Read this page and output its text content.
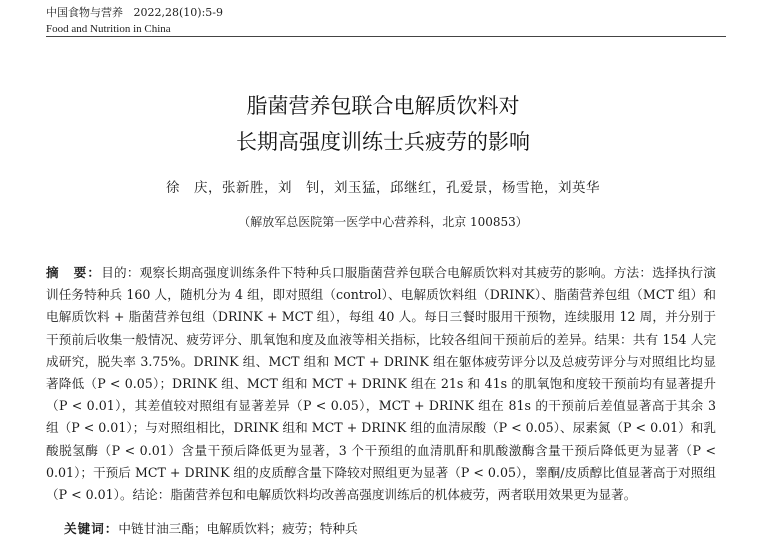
中国食物与营养 2022,28(10):5-9
Food and Nutrition in China
脂菌营养包联合电解质饮料对
长期高强度训练士兵疲劳的影响
徐　庆，张新胜，刘　钊，刘玉猛，邱继红，孔爱景，杨雪艳，刘英华
（解放军总医院第一医学中心营养科，北京 100853）

摘　要：目的：观察长期高强度训练条件下特种兵口服脂菌营养包联合电解质饮料对其疲劳的影响。方法：选择执行演训任务特种兵 160 人，随机分为 4 组，即对照组（control）、电解质饮料组（DRINK）、脂菌营养包组（MCT 组）和电解质饮料 + 脂菌营养包组（DRINK + MCT 组），每组 40 人。每日三餐时服用干预物，连续服用 12 周，并分别于干预前后收集一般情况、疲劳评分、肌氧饱和度及血液等相关指标，比较各组间干预前后的差异。结果：共有 154 人完成研究，脱失率 3.75%。DRINK 组、MCT 组和 MCT + DRINK 组在躯体疲劳评分以及总疲劳评分与对照组比均显著降低（P < 0.05）；DRINK 组、MCT 组和 MCT + DRINK 组在 21s 和 41s 的肌氧饱和度较干预前均有显著提升（P < 0.01），其差值较对照组有显著差异（P < 0.05），MCT + DRINK 组在 81s 的干预前后差值显著高于其余 3 组（P < 0.01）；与对照组相比，DRINK 组和 MCT + DRINK 组的血清尿酸（P < 0.05）、尿素氮（P < 0.01）和乳酸脱氢酶（P < 0.01）含量干预后降低更为显著，3 个干预组的血清肌酐和肌酸激酶含量干预后降低更为显著（P < 0.01）；干预后 MCT + DRINK 组的皮质醇含量下降较对照组更为显著（P < 0.05），睾酮/皮质醇比值显著高于对照组（P < 0.01）。结论：脂菌营养包和电解质饮料均改善高强度训练后的机体疲劳，两者联用效果更为显著。

关键词：中链甘油三酯；电解质饮料；疲劳；特种兵
